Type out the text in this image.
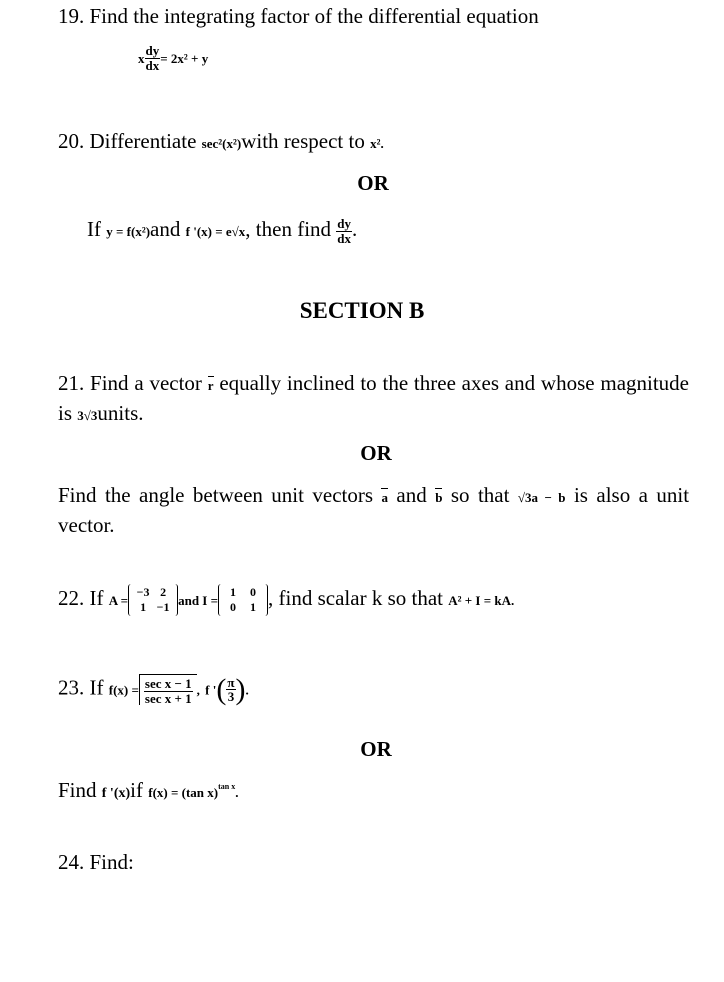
19. Find the integrating factor of the differential equation
x $\frac{dy}{dx} = 2x^2 + y$
20. Differentiate sec²(x²)with respect to x².
OR
If y = f(x²)and f '(x) = e√x, then find $\frac{dy}{dx}$ .
SECTION B
21. Find a vector r equally inclined to the three axes and whose magnitude is 3√3units.
OR
Find the angle between unit vectors a and b so that √3a − b is also a unit vector.
22. If A =−3 2
1 −1 and I =1 0
0 1 , find scalar k so that A² + I = kA.
23. If $f(x) = \frac{\text{sec x − 1}}{\text{sec x + 1}}$ , f '( $\frac{\pi}{3}$ ).
OR
Find f '(x)if f(x) = (tan x)$^{tan x}$.
24. Find:
